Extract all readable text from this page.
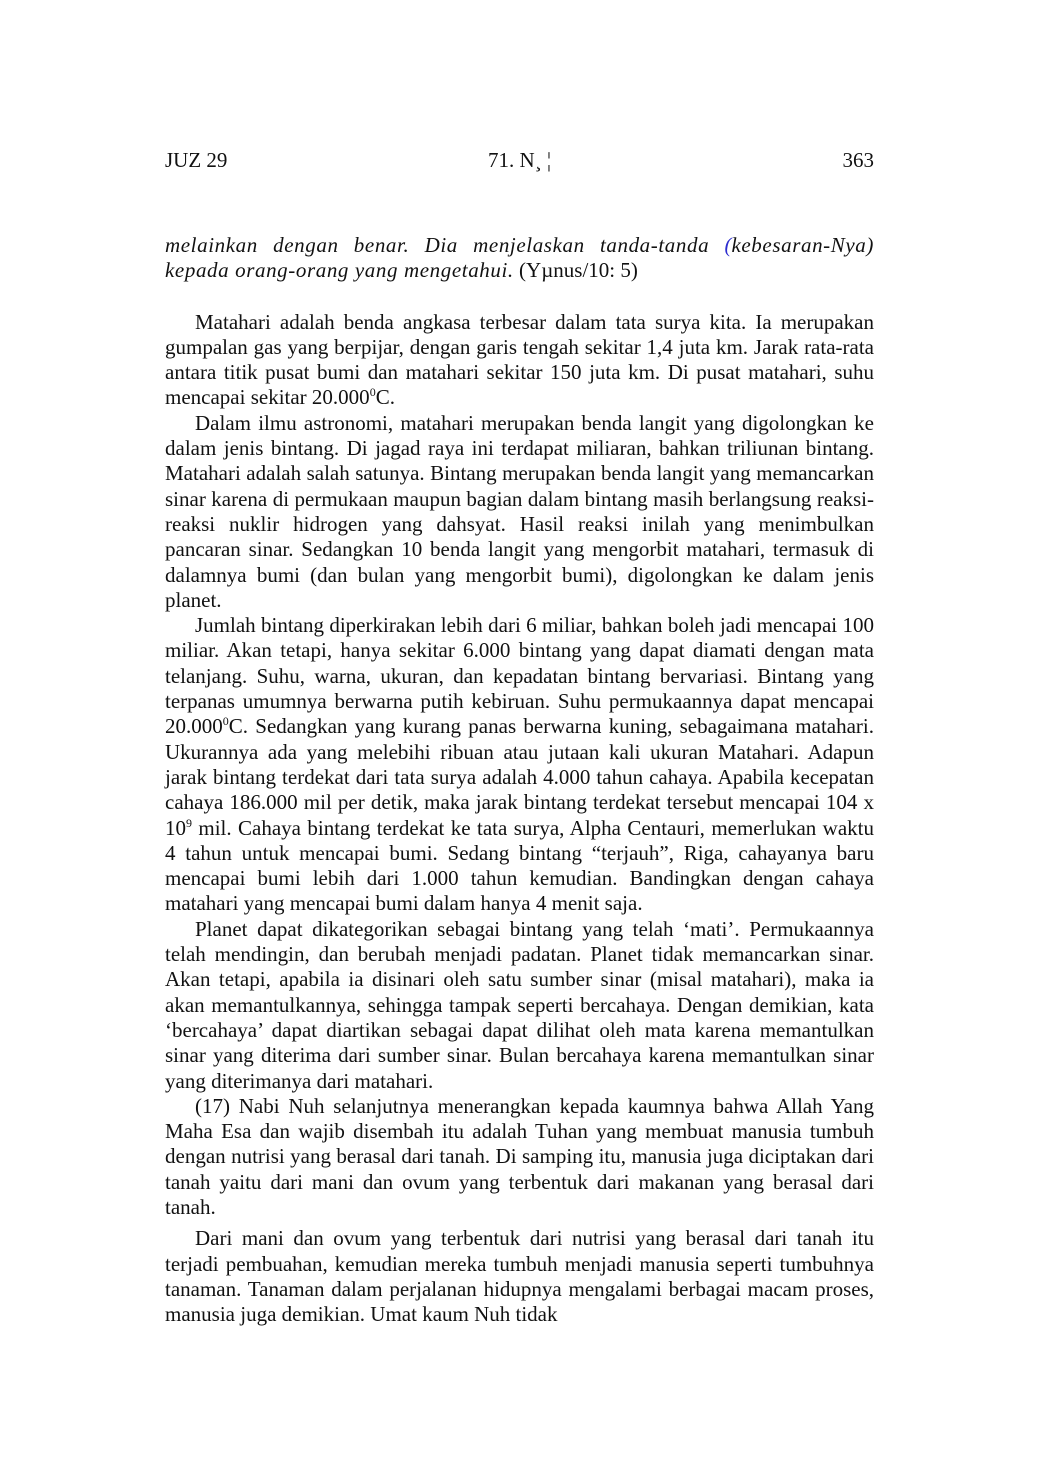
JUZ 29	71. N¸ ¦	363

melainkan dengan benar. Dia menjelaskan tanda-tanda (kebesaran-Nya) kepada orang-orang yang mengetahui. (Yµnus/10: 5)

Matahari adalah benda angkasa terbesar dalam tata surya kita. Ia merupakan gumpalan gas yang berpijar, dengan garis tengah sekitar 1,4 juta km. Jarak rata-rata antara titik pusat bumi dan matahari sekitar 150 juta km. Di pusat matahari, suhu mencapai sekitar 20.000$^0$C.

Dalam ilmu astronomi, matahari merupakan benda langit yang digolongkan ke dalam jenis bintang. Di jagad raya ini terdapat miliaran, bahkan triliunan bintang. Matahari adalah salah satunya. Bintang merupakan benda langit yang memancarkan sinar karena di permukaan maupun bagian dalam bintang masih berlangsung reaksi-reaksi nuklir hidrogen yang dahsyat. Hasil reaksi inilah yang menimbulkan pancaran sinar. Sedangkan 10 benda langit yang mengorbit matahari, termasuk di dalamnya bumi (dan bulan yang mengorbit bumi), digolongkan ke dalam jenis planet.

Jumlah bintang diperkirakan lebih dari 6 miliar, bahkan boleh jadi mencapai 100 miliar. Akan tetapi, hanya sekitar 6.000 bintang yang dapat diamati dengan mata telanjang. Suhu, warna, ukuran, dan kepadatan bintang bervariasi. Bintang yang terpanas umumnya berwarna putih kebiruan. Suhu permukaannya dapat mencapai 20.000$^0$C. Sedangkan yang kurang panas berwarna kuning, sebagaimana matahari. Ukurannya ada yang melebihi ribuan atau jutaan kali ukuran Matahari. Adapun jarak bintang terdekat dari tata surya adalah 4.000 tahun cahaya. Apabila kecepatan cahaya 186.000 mil per detik, maka jarak bintang terdekat tersebut mencapai 104 x $10^9$ mil. Cahaya bintang terdekat ke tata surya, Alpha Centauri, memerlukan waktu 4 tahun untuk mencapai bumi. Sedang bintang “terjauh”, Riga, cahayanya baru mencapai bumi lebih dari 1.000 tahun kemudian. Bandingkan dengan cahaya matahari yang mencapai bumi dalam hanya 4 menit saja.

Planet dapat dikategorikan sebagai bintang yang telah ‘mati’. Permukaannya telah mendingin, dan berubah menjadi padatan. Planet tidak memancarkan sinar. Akan tetapi, apabila ia disinari oleh satu sumber sinar (misal matahari), maka ia akan memantulkannya, sehingga tampak seperti bercahaya. Dengan demikian, kata ‘bercahaya’ dapat diartikan sebagai dapat dilihat oleh mata karena memantulkan sinar yang diterima dari sumber sinar. Bulan bercahaya karena memantulkan sinar yang diterimanya dari matahari.

(17) Nabi Nuh selanjutnya menerangkan kepada kaumnya bahwa Allah Yang Maha Esa dan wajib disembah itu adalah Tuhan yang membuat manusia tumbuh dengan nutrisi yang berasal dari tanah. Di samping itu, manusia juga diciptakan dari tanah yaitu dari mani dan ovum yang terbentuk dari makanan yang berasal dari tanah.

Dari mani dan ovum yang terbentuk dari nutrisi yang berasal dari tanah itu terjadi pembuahan, kemudian mereka tumbuh menjadi manusia seperti tumbuhnya tanaman. Tanaman dalam perjalanan hidupnya mengalami berbagai macam proses, manusia juga demikian. Umat kaum Nuh tidak
